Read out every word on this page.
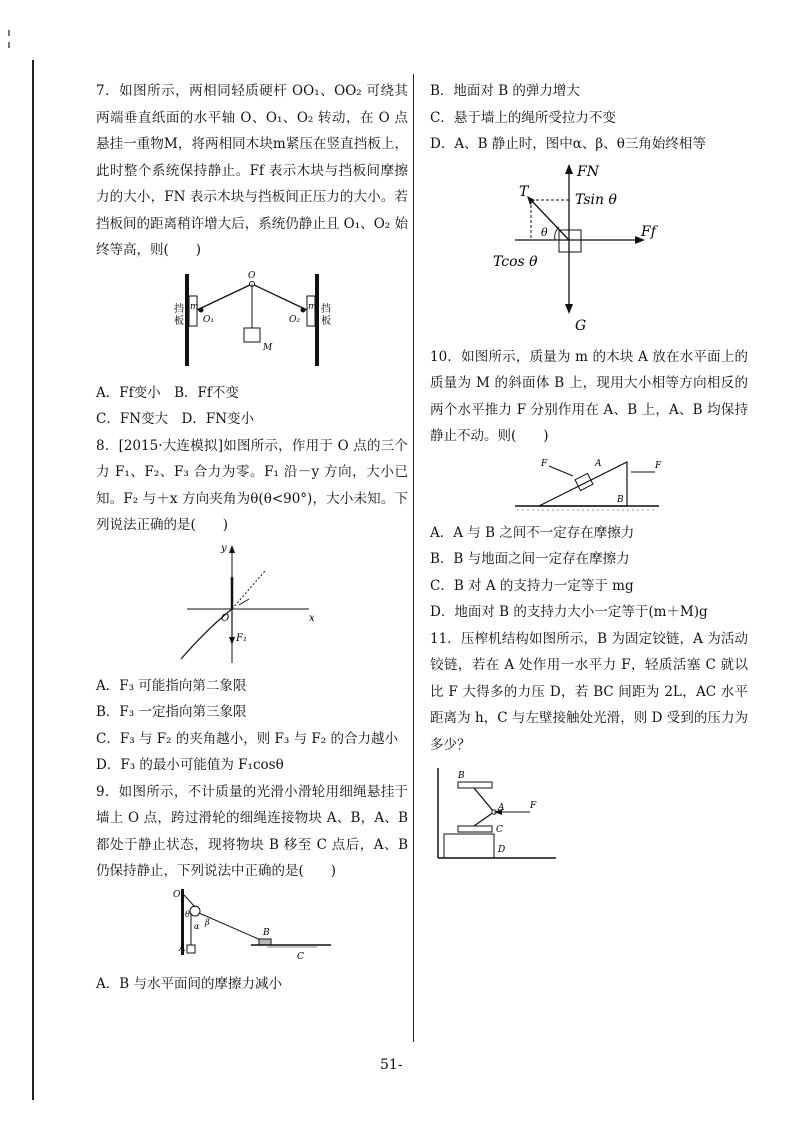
7．如图所示，两相同轻质硬杆 OO₁、OO₂ 可绕其两端垂直纸面的水平轴 O、O₁、O₂ 转动，在 O 点悬挂一重物M，将两相同木块m紧压在竖直挡板上，此时整个系统保持静止。Ff 表示木块与挡板间摩擦力的大小，FN 表示木块与挡板间正压力的大小。若挡板间的距离稍许增大后，系统仍静止且 O₁、O₂ 始终等高，则(　　)

挡
板
挡
板
O
O₁	O₂
m	m
M
A．Ff变小　B．Ff不变
C．FN变大　D．FN变小

8．[2015·大连模拟]如图所示，作用于 O 点的三个力 F₁、F₂、F₃ 合力为零。F₁ 沿－y 方向，大小已知。F₂ 与＋x 方向夹角为θ(θ<90°)，大小未知。下列说法正确的是(　　)

y
x
O
F₁
A．F₃ 可能指向第二象限
B．F₃ 一定指向第三象限
C．F₃ 与 F₂ 的夹角越小，则 F₃ 与 F₂ 的合力越小
D．F₃ 的最小可能值为 F₁cosθ

9．如图所示，不计质量的光滑小滑轮用细绳悬挂于墙上 O 点，跨过滑轮的细绳连接物块 A、B，A、B 都处于静止状态，现将物块 B 移至 C 点后，A、B 仍保持静止，下列说法中正确的是(　　)

O
A
B
C
α β
θ
A．B 与水平面间的摩擦力减小
B．地面对 B 的弹力增大
C．悬于墙上的绳所受拉力不变
D．A、B 静止时，图中α、β、θ三角始终相等
T
FN
Tsin θ
Ff
Tcos θ
θ
G

10．如图所示，质量为 m 的木块 A 放在水平面上的质量为 M 的斜面体 B 上，现用大小相等方向相反的两个水平推力 F 分别作用在 A、B 上，A、B 均保持静止不动。则(　　)

F	F
A
B
A．A 与 B 之间不一定存在摩擦力
B．B 与地面之间一定存在摩擦力
C．B 对 A 的支持力一定等于 mg
D．地面对 B 的支持力大小一定等于(m＋M)g

11．压榨机结构如图所示，B 为固定铰链，A 为活动铰链，若在 A 处作用一水平力 F，轻质活塞 C 就以比 F 大得多的力压 D，若 BC 间距为 2L，AC 水平距离为 h，C 与左壁接触处光滑，则 D 受到的压力为多少？

B
A	F
C
D
51-
